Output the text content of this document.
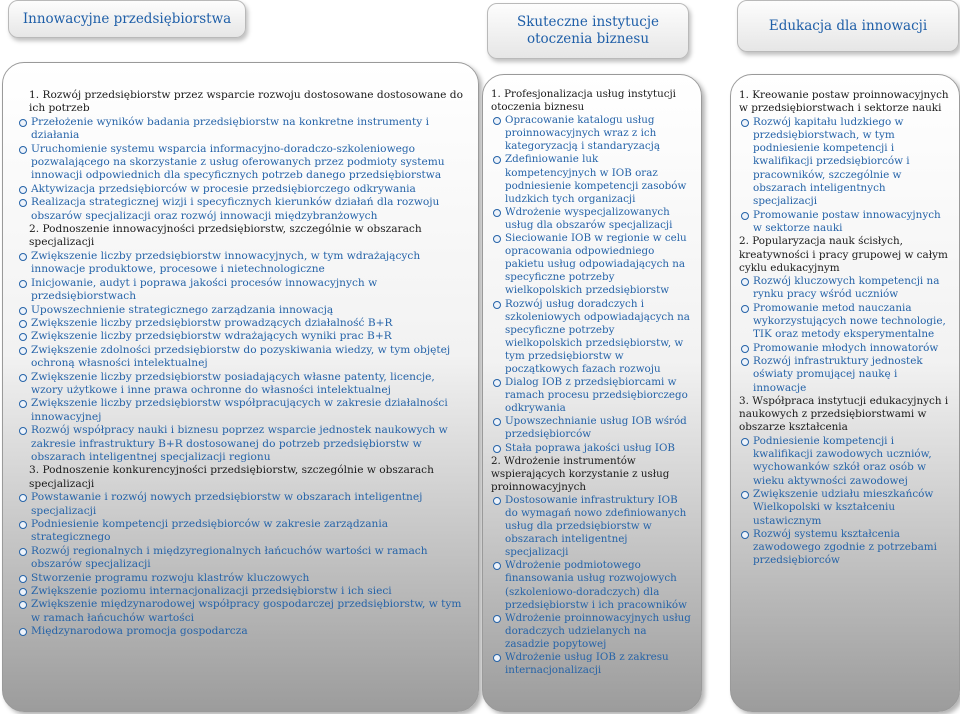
Innowacyjne przedsiębiorstwa	Skuteczne instytucje otoczenia biznesu
Edukacja dla innowacji
1. Rozwój przedsiębiorstw przez wsparcie rozwoju dostosowane dostosowane do ich potrzeb
Przełożenie wyników badania przedsiębiorstw na konkretne instrumenty i działania
Uruchomienie systemu wsparcia informacyjno-doradczo-szkoleniowego pozwalającego na skorzystanie z usług oferowanych przez podmioty systemu innowacji odpowiednich dla specyficznych potrzeb danego przedsiębiorstwa
Aktywizacja przedsiębiorców w procesie przedsiębiorczego odkrywania
Realizacja strategicznej wizji i specyficznych kierunków działań dla rozwoju obszarów specjalizacji oraz rozwój innowacji międzybranżowych
2. Podnoszenie innowacyjności przedsiębiorstw, szczególnie w obszarach specjalizacji
Zwiększenie liczby przedsiębiorstw innowacyjnych, w tym wdrażających innowacje produktowe, procesowe i nietechnologiczne
Inicjowanie, audyt i poprawa jakości procesów innowacyjnych w przedsiębiorstwach
Upowszechnienie strategicznego zarządzania innowacją
Zwiększenie liczby przedsiębiorstw prowadzących działalność B+R
Zwiększenie liczby przedsiębiorstw wdrażających wyniki prac B+R
Zwiększenie zdolności przedsiębiorstw do pozyskiwania wiedzy, w tym objętej ochroną własności intelektualnej
Zwiększenie liczby przedsiębiorstw posiadających własne patenty, licencje, wzory użytkowe i inne prawa ochronne do własności intelektualnej
Zwiększenie liczby przedsiębiorstw współpracujących w zakresie działalności innowacyjnej
Rozwój współpracy nauki i biznesu poprzez wsparcie jednostek naukowych w zakresie infrastruktury B+R dostosowanej do potrzeb przedsiębiorstw w obszarach inteligentnej specjalizacji regionu
3. Podnoszenie konkurencyjności przedsiębiorstw, szczególnie w obszarach specjalizacji
Powstawanie i rozwój nowych przedsiębiorstw w obszarach inteligentnej specjalizacji
Podniesienie kompetencji przedsiębiorców w zakresie zarządzania strategicznego
Rozwój regionalnych i międzyregionalnych łańcuchów wartości w ramach obszarów specjalizacji
Stworzenie programu rozwoju klastrów kluczowych
Zwiększenie poziomu internacjonalizacji przedsiębiorstw i ich sieci
Zwiększenie międzynarodowej współpracy gospodarczej przedsiębiorstw, w tym w ramach łańcuchów wartości
Międzynarodowa promocja gospodarcza
1. Profesjonalizacja usług instytucji otoczenia biznesu
Opracowanie katalogu usług proinnowacyjnych wraz z ich kategoryzacją i standaryzacją
Zdefiniowanie luk kompetencyjnych w IOB oraz podniesienie kompetencji zasobów ludzkich tych organizacji
Wdrożenie wyspecjalizowanych usług dla obszarów specjalizacji
Sieciowanie IOB w regionie w celu opracowania odpowiedniego pakietu usług odpowiadających na specyficzne potrzeby wielkopolskich przedsiębiorstw
Rozwój usług doradczych i szkoleniowych odpowiadających na specyficzne potrzeby wielkopolskich przedsiębiorstw, w tym przedsiębiorstw w początkowych fazach rozwoju
Dialog IOB z przedsiębiorcami w ramach procesu przedsiębiorczego odkrywania
Upowszechnianie usług IOB wśród przedsiębiorców
Stała poprawa jakości usług IOB
2. Wdrożenie instrumentów wspierających korzystanie z usług proinnowacyjnych
Dostosowanie infrastruktury IOB do wymagań nowo zdefiniowanych usług dla przedsiębiorstw w obszarach inteligentnej specjalizacji
Wdrożenie podmiotowego finansowania usług rozwojowych (szkoleniowo-doradczych) dla przedsiębiorstw i ich pracowników
Wdrożenie proinnowacyjnych usług doradczych udzielanych na zasadzie popytowej
Wdrożenie usług IOB z zakresu internacjonalizacji
1. Kreowanie postaw proinnowacyjnych w przedsiębiorstwach i sektorze nauki
Rozwój kapitału ludzkiego w przedsiębiorstwach, w tym podniesienie kompetencji i kwalifikacji przedsiębiorców i pracowników, szczególnie w obszarach inteligentnych specjalizacji
Promowanie postaw innowacyjnych w sektorze nauki
2. Popularyzacja nauk ścisłych, kreatywności i pracy grupowej w całym cyklu edukacyjnym
Rozwój kluczowych kompetencji na rynku pracy wśród uczniów
Promowanie metod nauczania wykorzystujących nowe technologie, TIK oraz metody eksperymentalne
Promowanie młodych innowatorów
Rozwój infrastruktury jednostek oświaty promującej naukę i innowacje
3. Współpraca instytucji edukacyjnych i naukowych z przedsiębiorstwami w obszarze kształcenia
Podniesienie kompetencji i kwalifikacji zawodowych uczniów, wychowanków szkół oraz osób w wieku aktywności zawodowej
Zwiększenie udziału mieszkańców Wielkopolski w kształceniu ustawicznym
Rozwój systemu kształcenia zawodowego zgodnie z potrzebami przedsiębiorców
